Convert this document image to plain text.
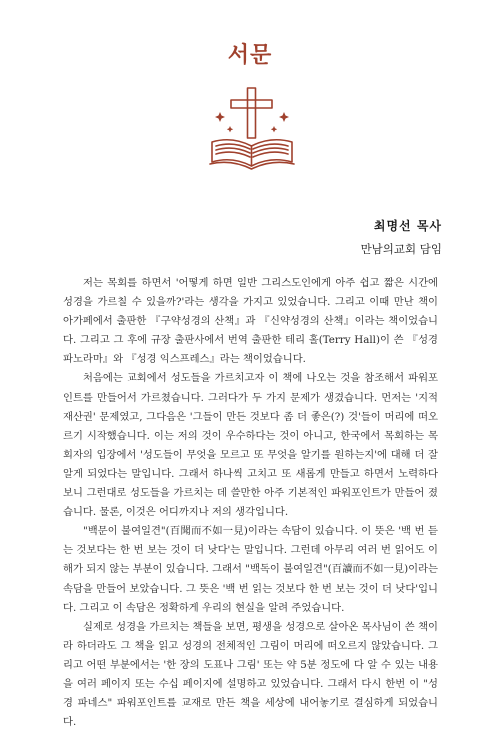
서문
최명선 목사
만남의교회 담임

저는 목회를 하면서 '어떻게 하면 일반 그리스도인에게 아주 쉽고 짧은 시간에 성경을 가르칠 수 있을까?'라는 생각을 가지고 있었습니다. 그리고 이때 만난 책이 아가페에서 출판한 『구약성경의 산책』과 『신약성경의 산책』이라는 책이었습니다. 그리고 그 후에 규장 출판사에서 번역 출판한 테리 홀(Terry Hall)이 쓴 『성경 파노라마』와 『성경 익스프레스』라는 책이었습니다.

처음에는 교회에서 성도들을 가르치고자 이 책에 나오는 것을 참조해서 파워포인트를 만들어서 가르쳤습니다. 그러다가 두 가지 문제가 생겼습니다. 먼저는 '지적재산권' 문제였고, 그다음은 '그들이 만든 것보다 좀 더 좋은(?) 것'들이 머리에 떠오르기 시작했습니다. 이는 저의 것이 우수하다는 것이 아니고, 한국에서 목회하는 목회자의 입장에서 '성도들이 무엇을 모르고 또 무엇을 알기를 원하는지'에 대해 더 잘 알게 되었다는 말입니다. 그래서 하나씩 고치고 또 새롭게 만들고 하면서 노력하다 보니 그런대로 성도들을 가르치는 데 쓸만한 아주 기본적인 파워포인트가 만들어 졌습니다. 물론, 이것은 어디까지나 저의 생각입니다.

"백문이 불여일견"(百聞而不如一見)이라는 속담이 있습니다. 이 뜻은 '백 번 듣는 것보다는 한 번 보는 것이 더 낫다'는 말입니다. 그런데 아무리 여러 번 읽어도 이해가 되지 않는 부분이 있습니다. 그래서 "백독이 불여일견"(百讀而不如一見)이라는 속담을 만들어 보았습니다. 그 뜻은 '백 번 읽는 것보다 한 번 보는 것이 더 낫다'입니다. 그리고 이 속담은 정확하게 우리의 현실을 알려 주었습니다.

실제로 성경을 가르치는 책들을 보면, 평생을 성경으로 살아온 목사님이 쓴 책이라 하더라도 그 책을 읽고 성경의 전체적인 그림이 머리에 떠오르지 않았습니다. 그리고 어떤 부분에서는 '한 장의 도표나 그림' 또는 약 5분 정도에 다 알 수 있는 내용을 여러 페이지 또는 수십 페이지에 설명하고 있었습니다. 그래서 다시 한번 이 "성경 파네스" 파워포인트를 교재로 만든 책을 세상에 내어놓기로 결심하게 되었습니다.
